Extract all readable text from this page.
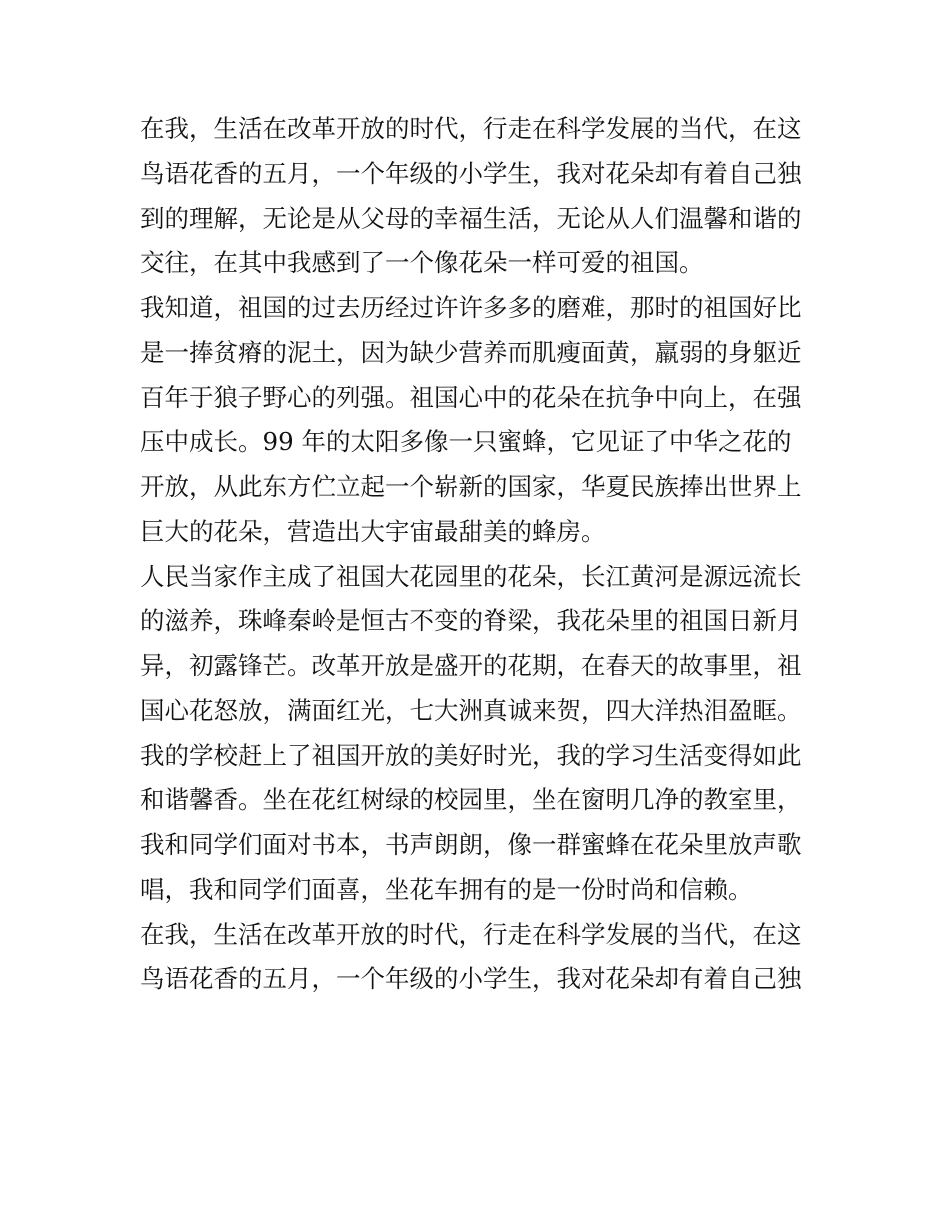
在我，生活在改革开放的时代，行走在科学发展的当代，在这
鸟语花香的五月，一个年级的小学生，我对花朵却有着自己独
到的理解，无论是从父母的幸福生活，无论从人们温馨和谐的
交往，在其中我感到了一个像花朵一样可爱的祖国。
我知道，祖国的过去历经过许许多多的磨难，那时的祖国好比
是一捧贫瘠的泥土，因为缺少营养而肌瘦面黄，羸弱的身躯近
百年于狼子野心的列强。祖国心中的花朵在抗争中向上，在强
压中成长。99 年的太阳多像一只蜜蜂，它见证了中华之花的
开放，从此东方伫立起一个崭新的国家，华夏民族捧出世界上
巨大的花朵，营造出大宇宙最甜美的蜂房。
人民当家作主成了祖国大花园里的花朵，长江黄河是源远流长
的滋养，珠峰秦岭是恒古不变的脊梁，我花朵里的祖国日新月
异，初露锋芒。改革开放是盛开的花期，在春天的故事里，祖
国心花怒放，满面红光，七大洲真诚来贺，四大洋热泪盈眶。
我的学校赶上了祖国开放的美好时光，我的学习生活变得如此
和谐馨香。坐在花红树绿的校园里，坐在窗明几净的教室里，
我和同学们面对书本，书声朗朗，像一群蜜蜂在花朵里放声歌
唱，我和同学们面喜，坐花车拥有的是一份时尚和信赖。
在我，生活在改革开放的时代，行走在科学发展的当代，在这
鸟语花香的五月，一个年级的小学生，我对花朵却有着自己独
